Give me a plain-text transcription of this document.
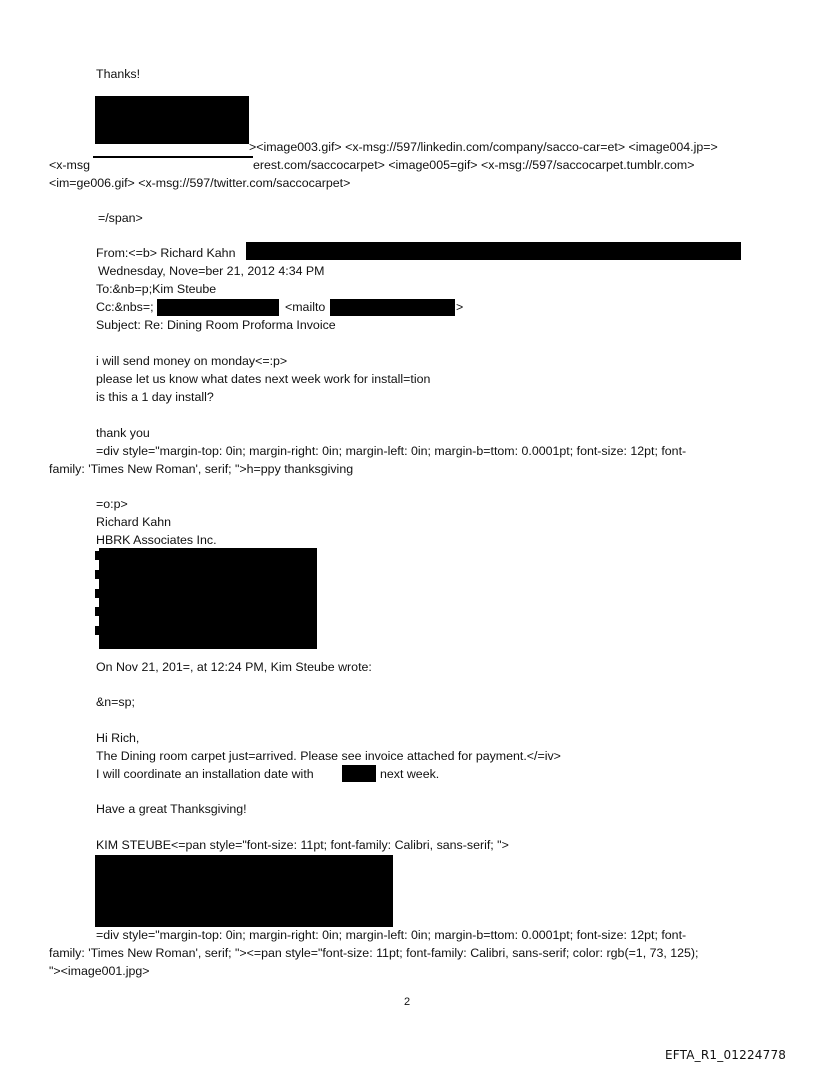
Thanks!
><image003.gif> <x-msg://597/linkedin.com/company/sacco-car=et> <image004.jp=>
<x-msg	erest.com/saccocarpet> <image005=gif> <x-msg://597/saccocarpet.tumblr.com>
<im=ge006.gif> <x-msg://597/twitter.com/saccocarpet>
=/span>
From:<=b> Richard Kahn
Wednesday, Nove=ber 21, 2012 4:34 PM
To:&nb=p;Kim Steube
Cc:&nbs=;	<mailto	>
Subject: Re: Dining Room Proforma Invoice
i will send money on monday<=:p>
please let us know what dates next week work for install=tion
is this a 1 day install?
thank you
=div style="margin-top: 0in; margin-right: 0in; margin-left: 0in; margin-b=ttom: 0.0001pt; font-size: 12pt; font-
family: 'Times New Roman', serif; ">h=ppy thanksgiving
=o:p>
Richard Kahn
HBRK Associates Inc.
On Nov 21, 201=, at 12:24 PM, Kim Steube wrote:
&n=sp;
Hi Rich,
The Dining room carpet just=arrived. Please see invoice attached for payment.</=iv>
I will coordinate an installation date with	next week.
Have a great Thanksgiving!
KIM STEUBE<=pan style="font-size: 11pt; font-family: Calibri, sans-serif; ">
=div style="margin-top: 0in; margin-right: 0in; margin-left: 0in; margin-b=ttom: 0.0001pt; font-size: 12pt; font-
family: 'Times New Roman', serif; "><=pan style="font-size: 11pt; font-family: Calibri, sans-serif; color: rgb(=1, 73, 125);
"><image001.jpg>
2
EFTA_R1_01224778
